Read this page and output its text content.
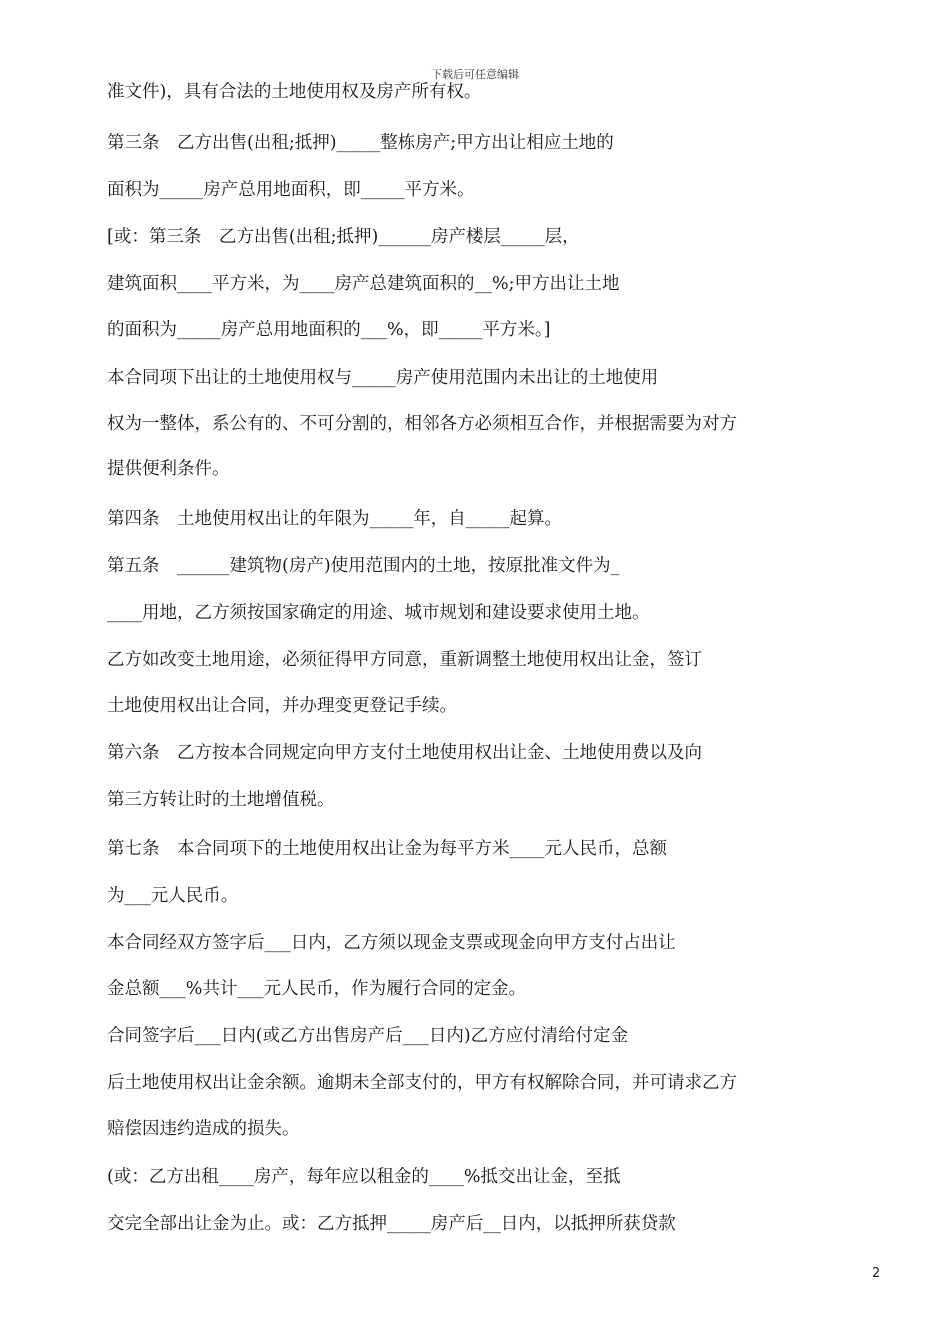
下载后可任意编辑
准文件)，具有合法的土地使用权及房产所有权。
第三条　乙方出售(出租;抵押)_____整栋房产;甲方出让相应土地的
面积为_____房产总用地面积，即_____平方米。
[或：第三条　乙方出售(出租;抵押)______房产楼层_____层，
建筑面积____平方米，为____房产总建筑面积的__%;甲方出让土地
的面积为_____房产总用地面积的___%，即_____平方米。]
本合同项下出让的土地使用权与_____房产使用范围内未出让的土地使用
权为一整体，系公有的、不可分割的，相邻各方必须相互合作，并根据需要为对方
提供便利条件。
第四条　土地使用权出让的年限为_____年，自_____起算。
第五条　______建筑物(房产)使用范围内的土地，按原批准文件为_
____用地，乙方须按国家确定的用途、城市规划和建设要求使用土地。
乙方如改变土地用途，必须征得甲方同意，重新调整土地使用权出让金，签订
土地使用权出让合同，并办理变更登记手续。
第六条　乙方按本合同规定向甲方支付土地使用权出让金、土地使用费以及向
第三方转让时的土地增值税。
第七条　本合同项下的土地使用权出让金为每平方米____元人民币，总额
为___元人民币。
本合同经双方签字后___日内，乙方须以现金支票或现金向甲方支付占出让
金总额___%共计___元人民币，作为履行合同的定金。
合同签字后___日内(或乙方出售房产后___日内)乙方应付清给付定金
后土地使用权出让金余额。逾期未全部支付的，甲方有权解除合同，并可请求乙方
赔偿因违约造成的损失。
(或：乙方出租____房产，每年应以租金的____%抵交出让金，至抵
交完全部出让金为止。或：乙方抵押_____房产后__日内，以抵押所获贷款
2
